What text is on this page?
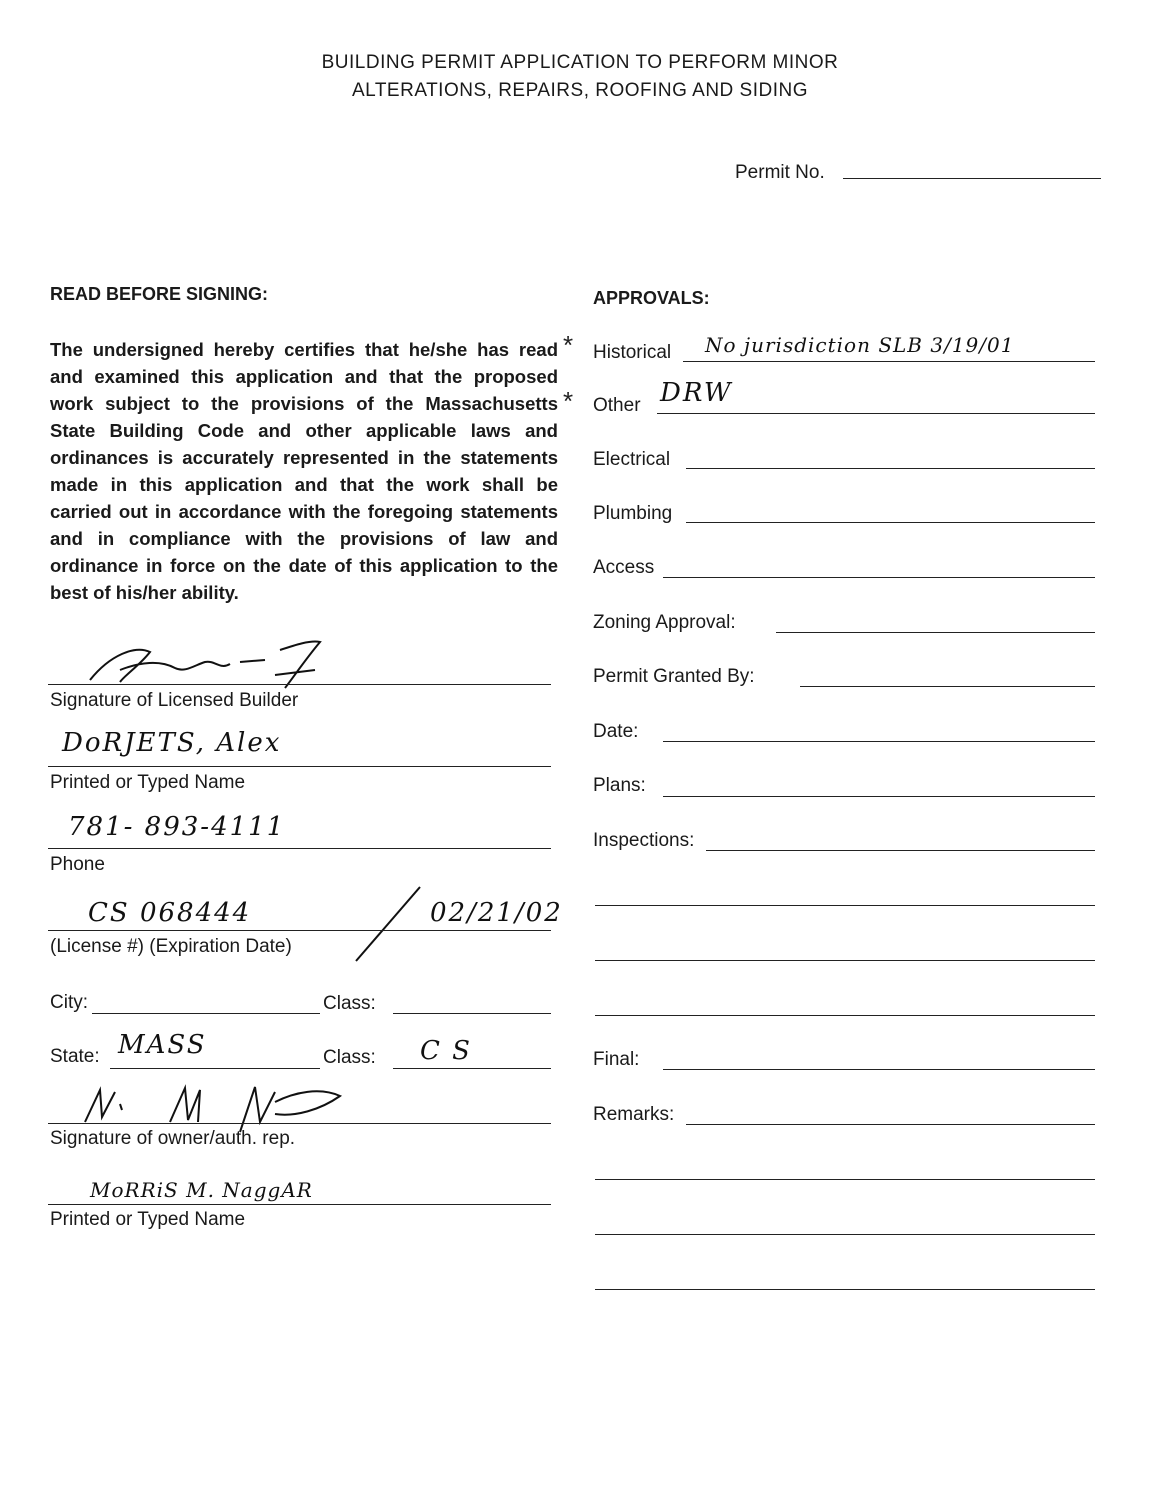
BUILDING PERMIT APPLICATION TO PERFORM MINOR
ALTERATIONS, REPAIRS, ROOFING AND SIDING
Permit No.
READ BEFORE SIGNING:
The undersigned hereby certifies that he/she has read and examined this application and that the proposed work subject to the provisions of the Massachusetts State Building Code and other applicable laws and ordinances is accurately represented in the statements made in this application and that the work shall be carried out in accordance with the foregoing statements and in compliance with the provisions of law and ordinance in force on the date of this application to the best of his/her ability.
Signature of Licensed Builder
DoRJETS, Alex
Printed or Typed Name
781- 893-4111
Phone
CS 068444	02/21/02
(License #) (Expiration Date)
City:	Class:
State: MASS	Class: C S
Signature of owner/auth. rep.
MoRRiS M. NaggAR
Printed or Typed Name
APPROVALS:
* Historical No jurisdiction SLB 3/19/01
* Other DRW
Electrical
Plumbing
Access
Zoning Approval:
Permit Granted By:
Date:
Plans:
Inspections:
Final:
Remarks:
